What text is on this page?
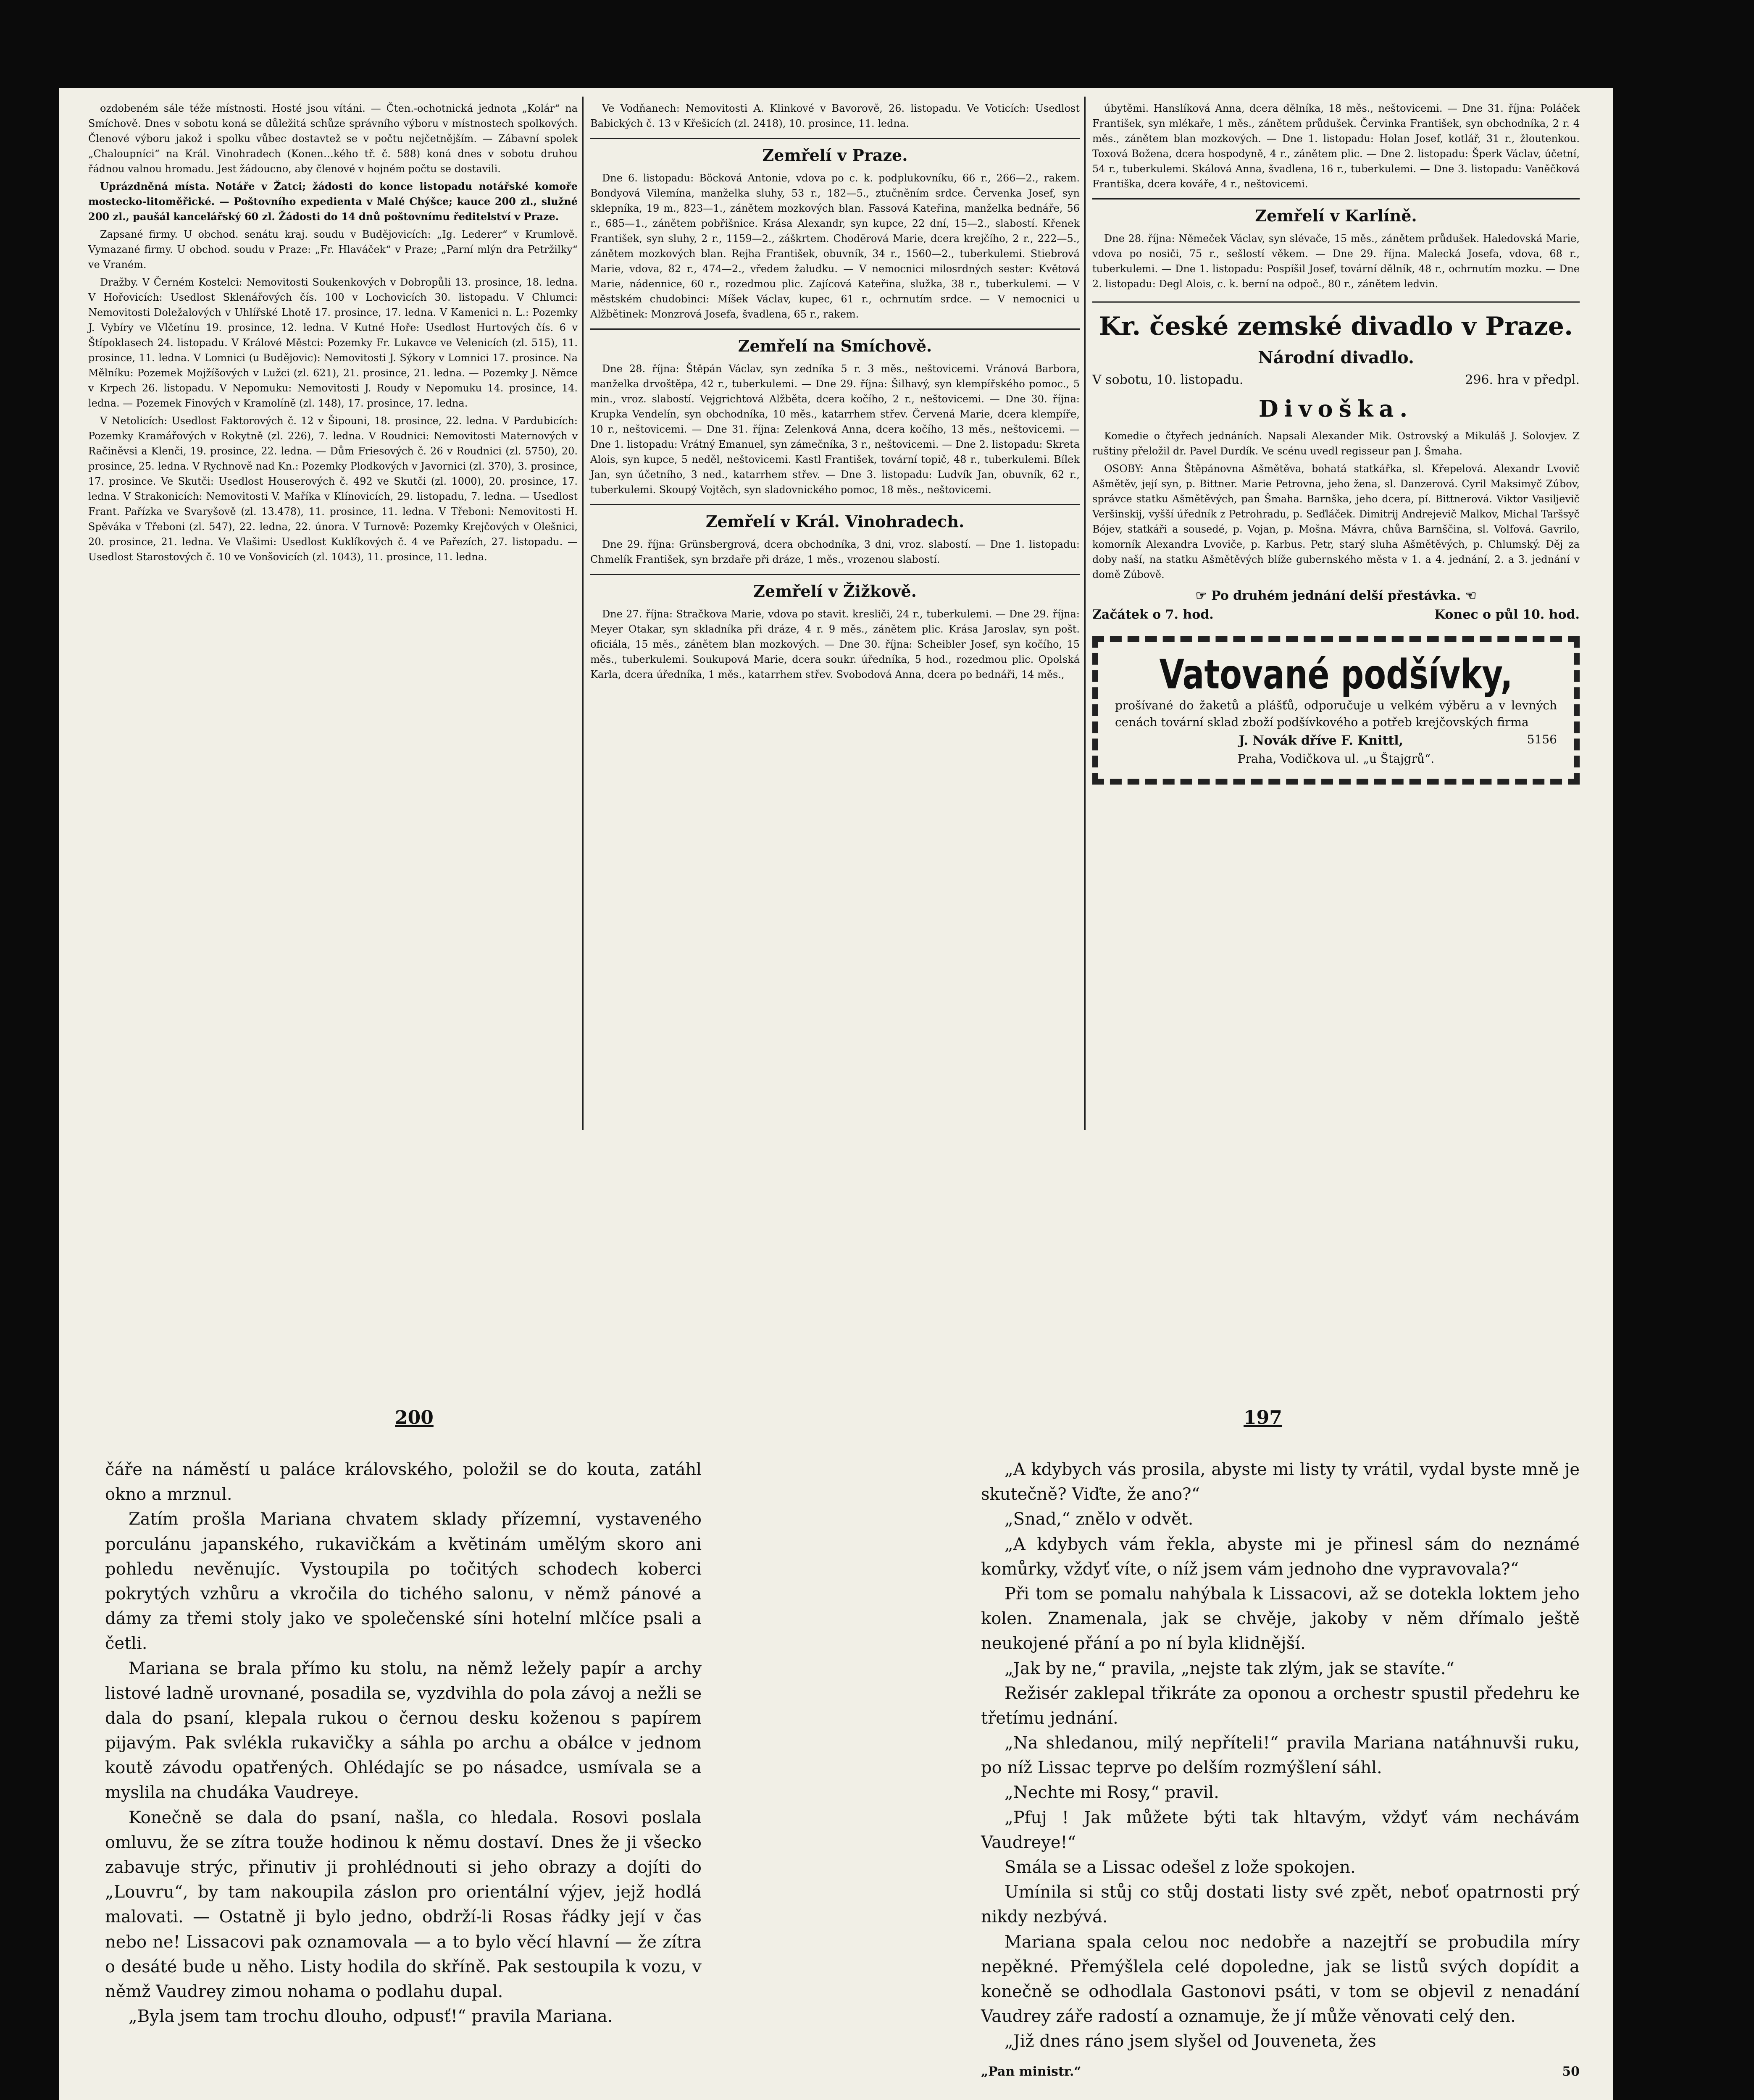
ozdobeném sále téže místnosti. Hosté jsou vítáni. — Čten.-ochotnická jednota „Kolár“ na Smíchově. Dnes v sobotu koná se důležitá schůze správního výboru v místnostech spolkových. Členové výboru jakož i spolku vůbec dostavtež se v počtu nejčetnějším. — Zábavní spolek „Chaloupníci“ na Král. Vinohradech (Konen…kého tř. č. 588) koná dnes v sobotu druhou řádnou valnou hromadu. Jest žádoucno, aby členové v hojném počtu se dostavili.

Uprázdněná místa. Notáře v Žatci; žádosti do konce listopadu notářské komoře mostecko-litoměřické. — Poštovního expedienta v Malé Chýšce; kauce 200 zl., služné 200 zl., paušál kancelářský 60 zl. Žádosti do 14 dnů poštovnímu ředitelství v Praze.

Zapsané firmy. U obchod. senátu kraj. soudu v Budějovicích: „Ig. Lederer“ v Krumlově. Vymazané firmy. U obchod. soudu v Praze: „Fr. Hlaváček“ v Praze; „Parní mlýn dra Petržilky“ ve Vraném.

Dražby. V Černém Kostelci: Nemovitosti Soukenkových v Dobropůli 13. prosince, 18. ledna. V Hořovicích: Usedlost Sklenářových čís. 100 v Lochovicích 30. listopadu. V Chlumci: Nemovitosti Doležalových v Uhlířské Lhotě 17. prosince, 17. ledna. V Kamenici n. L.: Pozemky J. Vybíry ve Vlčetínu 19. prosince, 12. ledna. V Kutné Hoře: Usedlost Hurtových čís. 6 v Štípoklasech 24. listopadu. V Králové Městci: Pozemky Fr. Lukavce ve Velenicích (zl. 515), 11. prosince, 11. ledna. V Lomnici (u Budějovic): Nemovitosti J. Sýkory v Lomnici 17. prosince. Na Mělníku: Pozemek Mojžíšových v Lužci (zl. 621), 21. prosince, 21. ledna. — Pozemky J. Němce v Krpech 26. listopadu. V Nepomuku: Nemovitosti J. Roudy v Nepomuku 14. prosince, 14. ledna. — Pozemek Finových v Kramolíně (zl. 148), 17. prosince, 17. ledna.

V Netolicích: Usedlost Faktorových č. 12 v Šipouni, 18. prosince, 22. ledna. V Pardubicích: Pozemky Kramářových v Rokytně (zl. 226), 7. ledna. V Roudnici: Nemovitosti Maternových v Račiněvsi a Klenči, 19. prosince, 22. ledna. — Dům Friesových č. 26 v Roudnici (zl. 5750), 20. prosince, 25. ledna. V Rychnově nad Kn.: Pozemky Plodkových v Javornici (zl. 370), 3. prosince, 17. prosince. Ve Skutči: Usedlost Houserových č. 492 ve Skutči (zl. 1000), 20. prosince, 17. ledna. V Strakonicích: Nemovitosti V. Maříka v Klínovicích, 29. listopadu, 7. ledna. — Usedlost Frant. Pařízka ve Svaryšově (zl. 13.478), 11. prosince, 11. ledna. V Třeboni: Nemovitosti H. Spěváka v Třeboni (zl. 547), 22. ledna, 22. února. V Turnově: Pozemky Krejčových v Olešnici, 20. prosince, 21. ledna. Ve Vlašimi: Usedlost Kuklíkových č. 4 ve Pařezích, 27. listopadu. — Usedlost Starostových č. 10 ve Vonšovicích (zl. 1043), 11. prosince, 11. ledna.

Ve Vodňanech: Nemovitosti A. Klinkové v Bavorově, 26. listopadu. Ve Voticích: Usedlost Babických č. 13 v Křešicích (zl. 2418), 10. prosince, 11. ledna.

Zemřelí v Praze.

Dne 6. listopadu: Böcková Antonie, vdova po c. k. podplukovníku, 66 r., 266—2., rakem. Bondyová Vilemína, manželka sluhy, 53 r., 182—5., ztučněním srdce. Červenka Josef, syn sklepníka, 19 m., 823—1., zánětem mozkových blan. Fassová Kateřina, manželka bednáře, 56 r., 685—1., zánětem pobřišnice. Krása Alexandr, syn kupce, 22 dní, 15—2., slabostí. Křenek František, syn sluhy, 2 r., 1159—2., záškrtem. Chodĕrová Marie, dcera krejčího, 2 r., 222—5., zánětem mozkových blan. Rejha František, obuvník, 34 r., 1560—2., tuberkulemi. Stiebrová Marie, vdova, 82 r., 474—2., vředem žaludku. — V nemocnici milosrdných sester: Květová Marie, nádennice, 60 r., rozedmou plic. Zajícová Kateřina, služka, 38 r., tuberkulemi. — V městském chudobinci: Míšek Václav, kupec, 61 r., ochrnutím srdce. — V nemocnici u Alžbětinek: Monzrová Josefa, švadlena, 65 r., rakem.

Zemřelí na Smíchově.

Dne 28. října: Štěpán Václav, syn zedníka 5 r. 3 měs., neštovicemi. Vránová Barbora, manželka drvoštěpa, 42 r., tuberkulemi. — Dne 29. října: Šilhavý, syn klempířského pomoc., 5 min., vroz. slabostí. Vejgrichtová Alžběta, dcera kočího, 2 r., neštovicemi. — Dne 30. října: Krupka Vendelín, syn obchodníka, 10 měs., katarrhem střev. Červená Marie, dcera klempíře, 10 r., neštovicemi. — Dne 31. října: Zelenková Anna, dcera kočího, 13 měs., neštovicemi. — Dne 1. listopadu: Vrátný Emanuel, syn zámečníka, 3 r., neštovicemi. — Dne 2. listopadu: Skreta Alois, syn kupce, 5 neděl, neštovicemi. Kastl František, tovární topič, 48 r., tuberkulemi. Bílek Jan, syn účetního, 3 ned., katarrhem střev. — Dne 3. listopadu: Ludvík Jan, obuvník, 62 r., tuberkulemi. Skoupý Vojtěch, syn sladovnického pomoc, 18 měs., neštovicemi.

Zemřelí v Král. Vinohradech.

Dne 29. října: Grünsbergrová, dcera obchodníka, 3 dni, vroz. slabostí. — Dne 1. listopadu: Chmelík František, syn brzdaře při dráze, 1 měs., vrozenou slabostí.

Zemřelí v Žižkově.

Dne 27. října: Stračkova Marie, vdova po stavit. kresliči, 24 r., tuberkulemi. — Dne 29. října: Meyer Otakar, syn skladníka při dráze, 4 r. 9 měs., zánětem plic. Krása Jaroslav, syn pošt. oficiála, 15 měs., zánětem blan mozkových. — Dne 30. října: Scheibler Josef, syn kočího, 15 měs., tuberkulemi. Soukupová Marie, dcera soukr. úředníka, 5 hod., rozedmou plic. Opolská Karla, dcera úředníka, 1 měs., katarrhem střev. Svobodová Anna, dcera po bednáři, 14 měs.,

úbytěmi. Hanslíková Anna, dcera dělníka, 18 měs., neštovicemi. — Dne 31. října: Poláček František, syn mlékaře, 1 měs., zánětem průdušek. Červinka František, syn obchodníka, 2 r. 4 měs., zánětem blan mozkových. — Dne 1. listopadu: Holan Josef, kotlář, 31 r., žloutenkou. Toxová Božena, dcera hospodyně, 4 r., zánětem plic. — Dne 2. listopadu: Šperk Václav, účetní, 54 r., tuberkulemi. Skálová Anna, švadlena, 16 r., tuberkulemi. — Dne 3. listopadu: Vaněčková Františka, dcera kováře, 4 r., neštovicemi.

Zemřelí v Karlíně.

Dne 28. října: Němeček Václav, syn slévače, 15 měs., zánětem průdušek. Haledovská Marie, vdova po nosiči, 75 r., sešlostí věkem. — Dne 29. října. Malecká Josefa, vdova, 68 r., tuberkulemi. — Dne 1. listopadu: Pospíšil Josef, tovární dělník, 48 r., ochrnutím mozku. — Dne 2. listopadu: Degl Alois, c. k. berní na odpoč., 80 r., zánětem ledvin.

Kr. české zemské divadlo v Praze.
Národní divadlo.
V sobotu, 10. listopadu.	296. hra v předpl.
Divoška.

Komedie o čtyřech jednáních. Napsali Alexander Mik. Ostrovský a Mikuláš J. Solovjev. Z ruštiny přeložil dr. Pavel Durdík. Ve scénu uvedl regisseur pan J. Šmaha.

OSOBY: Anna Štěpánovna Ašmětěva, bohatá statkářka, sl. Křepelová. Alexandr Lvovič Ašmětěv, její syn, p. Bittner. Marie Petrovna, jeho žena, sl. Danzerová. Cyril Maksimyč Zúbov, správce statku Ašmětěvých, pan Šmaha. Barnška, jeho dcera, pí. Bittnerová. Viktor Vasiljevič Veršinskij, vyšší úředník z Petrohradu, p. Seďláček. Dimitrij Andrejevič Malkov, Michal Taršsyč Bójev, statkáři a sousedé, p. Vojan, p. Mošna. Mávra, chůva Barnščina, sl. Volfová. Gavrilo, komorník Alexandra Lvoviče, p. Karbus. Petr, starý sluha Ašmětěvých, p. Chlumský. Děj za doby naší, na statku Ašmětěvých blíže gubernského města v 1. a 4. jednání, 2. a 3. jednání v domě Zúbově.

☞ Po druhém jednání delší přestávka. ☜
Začátek o 7. hod.	Konec o půl 10. hod.
Vatované podšívky,
prošívané do žaketů a plášťů, odporučuje u velkém výběru a v levných cenách tovární sklad zboží podšívkového a potřeb krejčovských firma
5156
J. Novák dříve F. Knittl,
Praha, Vodičkova ul. „u Štajgrů“.
200	197

čáře na náměstí u paláce královského, položil se do kouta, zatáhl okno a mrznul.

Zatím prošla Mariana chvatem sklady přízemní, vystaveného porculánu japanského, rukavičkám a květinám umělým skoro ani pohledu nevěnujíc. Vystoupila po točitých schodech koberci pokrytých vzhůru a vkročila do tichého salonu, v němž pánové a dámy za třemi stoly jako ve společenské síni hotelní mlčíce psali a četli.

Mariana se brala přímo ku stolu, na němž ležely papír a archy listové ladně urovnané, posadila se, vyzdvihla do pola závoj a nežli se dala do psaní, klepala rukou o černou desku koženou s papírem pijavým. Pak svlékla rukavičky a sáhla po archu a obálce v jednom koutě závodu opatřených. Ohlédajíc se po násadce, usmívala se a myslila na chudáka Vaudreye.

Konečně se dala do psaní, našla, co hledala. Rosovi poslala omluvu, že se zítra touže hodinou k němu dostaví. Dnes že ji všecko zabavuje strýc, přinutiv ji prohlédnouti si jeho obrazy a dojíti do „Louvru“, by tam nakoupila záslon pro orientální výjev, jejž hodlá malovati. — Ostatně ji bylo jedno, obdrží-li Rosas řádky její v čas nebo ne! Lissacovi pak oznamovala — a to bylo věcí hlavní — že zítra o desáté bude u něho. Listy hodila do skříně. Pak sestoupila k vozu, v němž Vaudrey zimou nohama o podlahu dupal.

„Byla jsem tam trochu dlouho, odpusť!“ pravila Mariana.

„A kdybych vás prosila, abyste mi listy ty vrátil, vydal byste mně je skutečně? Viďte, že ano?“

„Snad,“ znělo v odvět.

„A kdybych vám řekla, abyste mi je přinesl sám do neznámé komůrky, vždyť víte, o níž jsem vám jednoho dne vypravovala?“

Při tom se pomalu nahýbala k Lissacovi, až se dotekla loktem jeho kolen. Znamenala, jak se chvěje, jakoby v něm dřímalo ještě neukojené přání a po ní byla klidnější.

„Jak by ne,“ pravila, „nejste tak zlým, jak se stavíte.“

Režisér zaklepal třikráte za oponou a orchestr spustil předehru ke třetímu jednání.

„Na shledanou, milý nepříteli!“ pravila Mariana natáhnuvši ruku, po níž Lissac teprve po delším rozmýšlení sáhl.

„Nechte mi Rosy,“ pravil.

„Pfuj ! Jak můžete býti tak hltavým, vždyť vám nechávám Vaudreye!“

Smála se a Lissac odešel z lože spokojen.

Umínila si stůj co stůj dostati listy své zpět, neboť opatrnosti prý nikdy nezbývá.

Mariana spala celou noc nedobře a nazejtří se probudila míry nepěkné. Přemýšlela celé dopoledne, jak se listů svých dopídit a konečně se odhodlala Gastonovi psáti, v tom se objevil z nenadání Vaudrey záře radostí a oznamuje, že jí může věnovati celý den.

„Již dnes ráno jsem slyšel od Jouveneta, žes

„Pan ministr.“	50
